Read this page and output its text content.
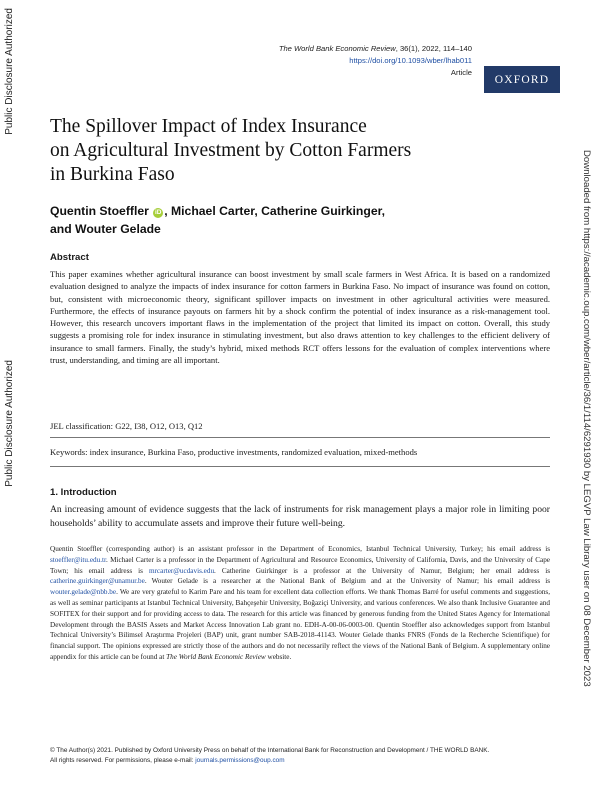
Public Disclosure Authorized
Public Disclosure Authorized	Downloaded from https://academic.oup.com/wber/article/36/1/114/6291930 by LEGVP Law Library user on 08 December 2023
The World Bank Economic Review, 36(1), 2022, 114–140
https://doi.org/10.1093/wber/lhab011
Article
OXFORD
The Spillover Impact of Index Insurance
on Agricultural Investment by Cotton Farmers
in Burkina Faso
Quentin Stoeffler iD , Michael Carter, Catherine Guirkinger,
and Wouter Gelade
Abstract

This paper examines whether agricultural insurance can boost investment by small scale farmers in West Africa. It is based on a randomized evaluation designed to analyze the impacts of index insurance for cotton farmers in Burkina Faso. No impact of insurance was found on cotton, but, consistent with microeconomic theory, significant spillover impacts on investment in other agricultural activities were measured. Furthermore, the effects of insurance payouts on farmers hit by a shock confirm the potential of index insurance as a risk-management tool. However, this research uncovers important flaws in the implementation of the project that limited its impact on cotton. Overall, this study suggests a promising role for index insurance in stimulating investment, but also draws attention to key challenges to the efficient delivery of insurance to small farmers. Finally, the study’s hybrid, mixed methods RCT offers lessons for the evaluation of complex interventions where trust, understanding, and timing are all important.

JEL classification: G22, I38, O12, O13, Q12
Keywords: index insurance, Burkina Faso, productive investments, randomized evaluation, mixed-methods
1. Introduction

An increasing amount of evidence suggests that the lack of instruments for risk management plays a major role in limiting poor households’ ability to accumulate assets and improve their future well-being.

Quentin Stoeffler (corresponding author) is an assistant professor in the Department of Economics, Istanbul Technical University, Turkey; his email address is stoeffler@itu.edu.tr. Michael Carter is a professor in the Department of Agricultural and Resource Economics, University of California, Davis, and the University of Cape Town; his email address is mrcarter@ucdavis.edu. Catherine Guirkinger is a professor at the University of Namur, Belgium; her email address is catherine.guirkinger@unamur.be. Wouter Gelade is a researcher at the National Bank of Belgium and at the University of Namur; his email address is wouter.gelade@nbb.be. We are very grateful to Karim Pare and his team for excellent data collection efforts. We thank Thomas Barré for useful comments and suggestions, as well as seminar participants at Istanbul Technical University, Bahçeşehir University, Boğaziçi University, and various conferences. We also thank Inclusive Guarantee and SOFITEX for their support and for providing access to data. The research for this article was financed by generous funding from the United States Agency for International Development through the BASIS Assets and Market Access Innovation Lab grant no. EDH-A-00-06-0003-00. Quentin Stoeffler also acknowledges support from Istanbul Technical University’s Bilimsel Araştırma Projeleri (BAP) unit, grant number SAB-2018-41143. Wouter Gelade thanks FNRS (Fonds de la Recherche Scientifique) for financial support. The opinions expressed are strictly those of the authors and do not necessarily reflect the views of the National Bank of Belgium. A supplementary online appendix for this article can be found at The World Bank Economic Review website.

© The Author(s) 2021. Published by Oxford University Press on behalf of the International Bank for Reconstruction and Development / THE WORLD BANK.
All rights reserved. For permissions, please e-mail: journals.permissions@oup.com
